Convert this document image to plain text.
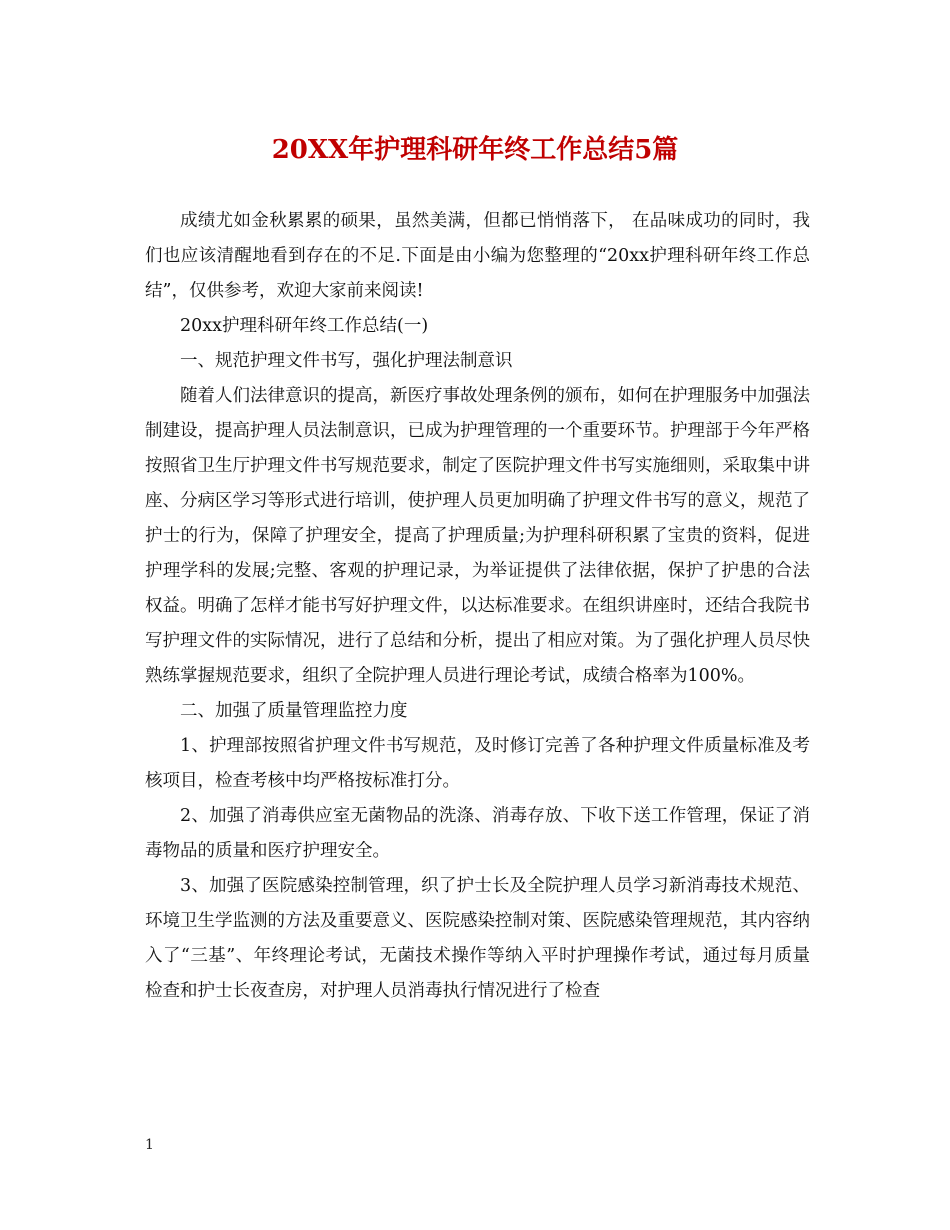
20XX年护理科研年终工作总结5篇

成绩尤如金秋累累的硕果，虽然美满，但都已悄悄落下， 在品味成功的同时，我们也应该清醒地看到存在的不足.下面是由小编为您整理的“20xx护理科研年终工作总结”，仅供参考，欢迎大家前来阅读!

20xx护理科研年终工作总结(一)

一、规范护理文件书写，强化护理法制意识

随着人们法律意识的提高，新医疗事故处理条例的颁布，如何在护理服务中加强法制建设，提高护理人员法制意识，已成为护理管理的一个重要环节。护理部于今年严格按照省卫生厅护理文件书写规范要求，制定了医院护理文件书写实施细则，采取集中讲座、分病区学习等形式进行培训，使护理人员更加明确了护理文件书写的意义，规范了护士的行为，保障了护理安全，提高了护理质量;为护理科研积累了宝贵的资料，促进护理学科的发展;完整、客观的护理记录，为举证提供了法律依据，保护了护患的合法权益。明确了怎样才能书写好护理文件，以达标准要求。在组织讲座时，还结合我院书写护理文件的实际情况，进行了总结和分析，提出了相应对策。为了强化护理人员尽快熟练掌握规范要求，组织了全院护理人员进行理论考试，成绩合格率为100%。

二、加强了质量管理监控力度

1、护理部按照省护理文件书写规范，及时修订完善了各种护理文件质量标准及考核项目，检查考核中均严格按标准打分。

2、加强了消毒供应室无菌物品的洗涤、消毒存放、下收下送工作管理，保证了消毒物品的质量和医疗护理安全。

3、加强了医院感染控制管理，织了护士长及全院护理人员学习新消毒技术规范、环境卫生学监测的方法及重要意义、医院感染控制对策、医院感染管理规范，其内容纳入了“三基”、年终理论考试，无菌技术操作等纳入平时护理操作考试，通过每月质量检查和护士长夜查房，对护理人员消毒执行情况进行了检查

1
